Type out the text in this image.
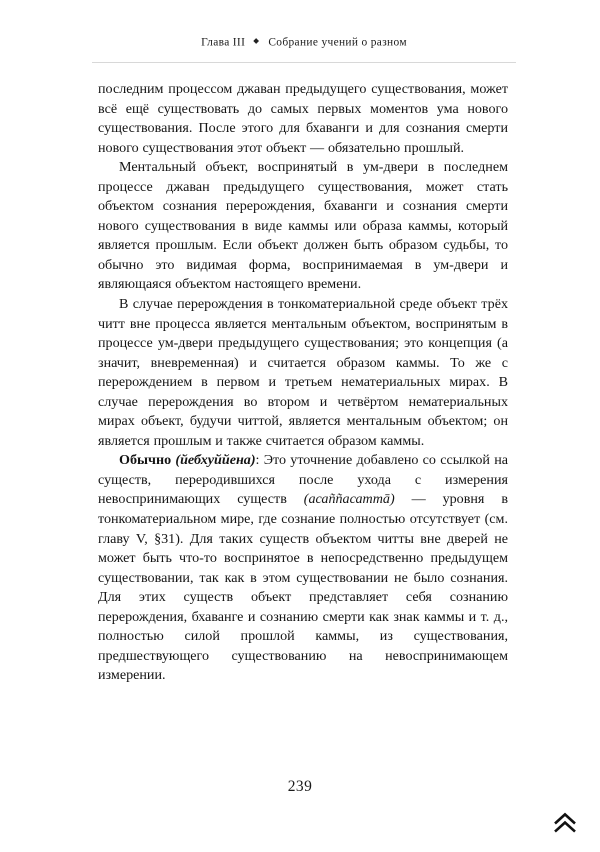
Глава III ◆ Собрание учений о разном

последним процессом джаван предыдущего существования, может всё ещё существовать до самых первых моментов ума нового существования. После этого для бхаванги и для сознания смерти нового существования этот объект — обязательно прошлый.

Ментальный объект, воспринятый в ум-двери в последнем процессе джаван предыдущего существования, может стать объектом сознания перерождения, бхаванги и сознания смерти нового существования в виде каммы или образа каммы, который является прошлым. Если объект должен быть образом судьбы, то обычно это видимая форма, воспринимаемая в ум-двери и являющаяся объектом настоящего времени.

В случае перерождения в тонкоматериальной среде объект трёх читт вне процесса является ментальным объектом, воспринятым в процессе ум-двери предыдущего существования; это концепция (а значит, вневременная) и считается образом каммы. То же с перерождением в первом и третьем нематериальных мирах. В случае перерождения во втором и четвёртом нематериальных мирах объект, будучи читтой, является ментальным объектом; он является прошлым и также считается образом каммы.

Обычно (йебхуййена): Это уточнение добавлено со ссылкой на существ, переродившихся после ухода с измерения невоспринимающих существ (асаññасаттā) — уровня в тонкоматериальном мире, где сознание полностью отсутствует (см. главу V, §31). Для таких существ объектом читты вне дверей не может быть что-то воспринятое в непосредственно предыдущем существовании, так как в этом существовании не было сознания. Для этих существ объект представляет себя сознанию перерождения, бхаванге и сознанию смерти как знак каммы и т. д., полностью силой прошлой каммы, из существования, предшествующего существованию на невоспринимающем измерении.

239
